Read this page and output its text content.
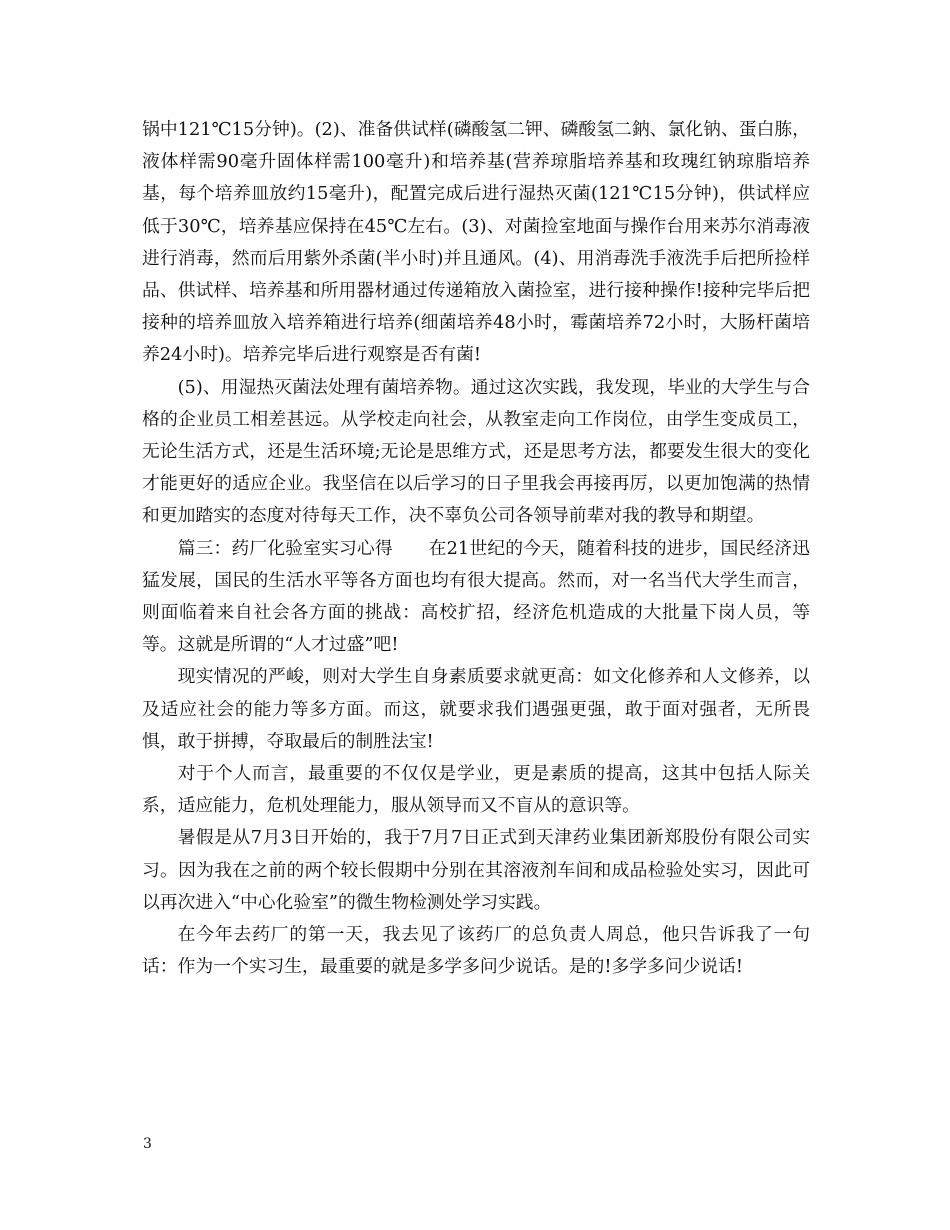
锅中121℃15分钟)。(2)、准备供试样(磷酸氢二钾、磷酸氢二鈉、氯化钠、蛋白胨，液体样需90毫升固体样需100毫升)和培养基(营养琼脂培养基和玫瑰红钠琼脂培养基，每个培养皿放约15毫升)，配置完成后进行湿热灭菌(121℃15分钟)，供试样应低于30℃，培养基应保持在45℃左右。(3)、对菌捡室地面与操作台用来苏尔消毒液进行消毒，然而后用紫外杀菌(半小时)并且通风。(4)、用消毒洗手液洗手后把所捡样品、供试样、培养基和所用器材通过传递箱放入菌捡室，进行接种操作!接种完毕后把接种的培养皿放入培养箱进行培养(细菌培养48小时，霉菌培养72小时，大肠杆菌培养24小时)。培养完毕后进行观察是否有菌!

(5)、用湿热灭菌法处理有菌培养物。通过这次实践，我发现，毕业的大学生与合格的企业员工相差甚远。从学校走向社会，从教室走向工作岗位，由学生变成员工，无论生活方式，还是生活环境;无论是思维方式，还是思考方法，都要发生很大的变化才能更好的适应企业。我坚信在以后学习的日子里我会再接再厉，以更加饱满的热情和更加踏实的态度对待每天工作，决不辜负公司各领导前辈对我的教导和期望。

篇三：药厂化验室实习心得　　在21世纪的今天，随着科技的进步，国民经济迅猛发展，国民的生活水平等各方面也均有很大提高。然而，对一名当代大学生而言，则面临着来自社会各方面的挑战：高校扩招，经济危机造成的大批量下岗人员，等等。这就是所谓的“人才过盛”吧!

现实情况的严峻，则对大学生自身素质要求就更高：如文化修养和人文修养，以及适应社会的能力等多方面。而这，就要求我们遇强更强，敢于面对强者，无所畏惧，敢于拼搏，夺取最后的制胜法宝!

对于个人而言，最重要的不仅仅是学业，更是素质的提高，这其中包括人际关系，适应能力，危机处理能力，服从领导而又不盲从的意识等。

暑假是从7月3日开始的，我于7月7日正式到天津药业集团新郑股份有限公司实习。因为我在之前的两个较长假期中分别在其溶液剂车间和成品检验处实习，因此可以再次进入“中心化验室”的微生物检测处学习实践。

在今年去药厂的第一天，我去见了该药厂的总负责人周总，他只告诉我了一句话：作为一个实习生，最重要的就是多学多问少说话。是的!多学多问少说话!

3
